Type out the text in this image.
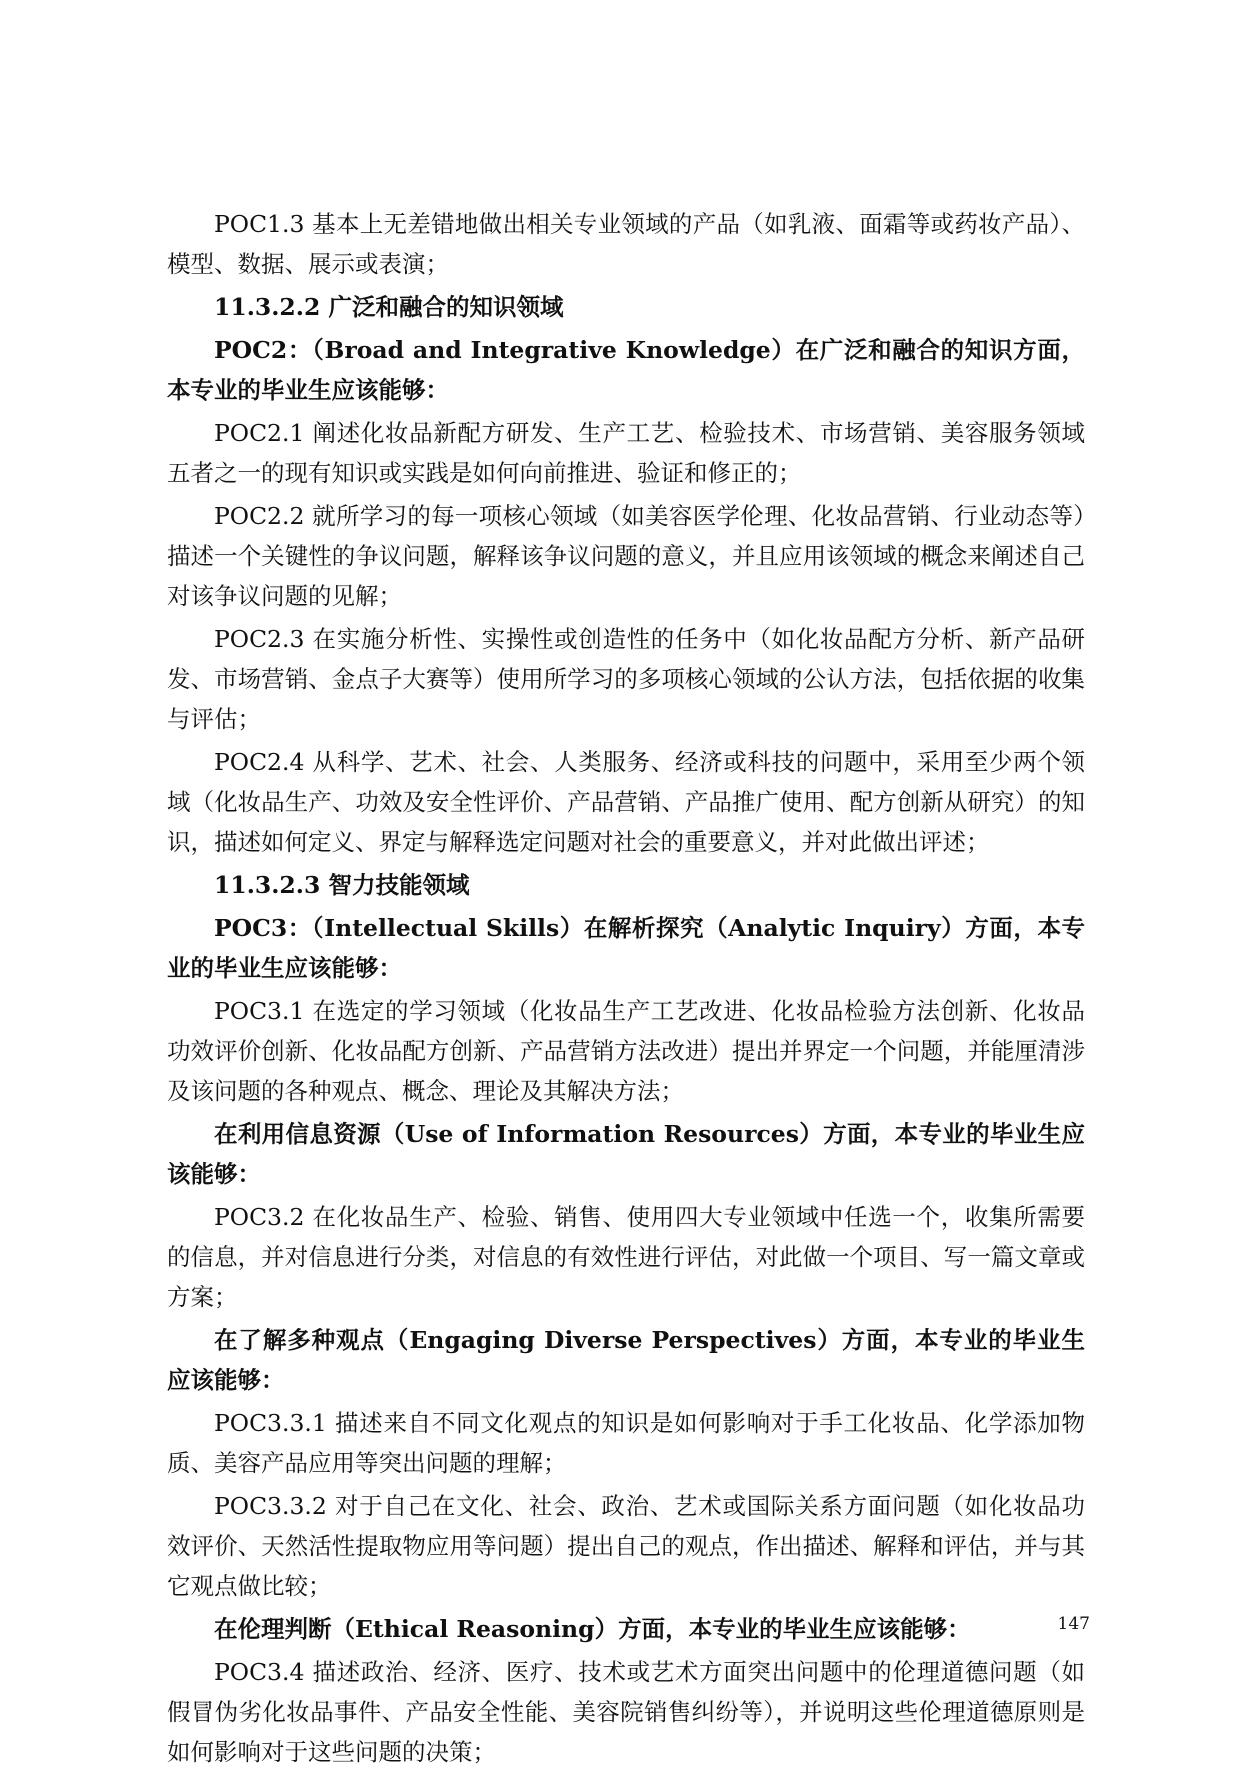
POC1.3 基本上无差错地做出相关专业领域的产品（如乳液、面霜等或药妆产品）、模型、数据、展示或表演；

11.3.2.2 广泛和融合的知识领域

POC2：（Broad and Integrative Knowledge）在广泛和融合的知识方面，本专业的毕业生应该能够：

POC2.1 阐述化妆品新配方研发、生产工艺、检验技术、市场营销、美容服务领域五者之一的现有知识或实践是如何向前推进、验证和修正的；

POC2.2 就所学习的每一项核心领域（如美容医学伦理、化妆品营销、行业动态等）描述一个关键性的争议问题，解释该争议问题的意义，并且应用该领域的概念来阐述自己对该争议问题的见解；

POC2.3 在实施分析性、实操性或创造性的任务中（如化妆品配方分析、新产品研发、市场营销、金点子大赛等）使用所学习的多项核心领域的公认方法，包括依据的收集与评估；

POC2.4 从科学、艺术、社会、人类服务、经济或科技的问题中，采用至少两个领域（化妆品生产、功效及安全性评价、产品营销、产品推广使用、配方创新从研究）的知识，描述如何定义、界定与解释选定问题对社会的重要意义，并对此做出评述；

11.3.2.3 智力技能领域

POC3：（Intellectual Skills）在解析探究（Analytic Inquiry）方面，本专业的毕业生应该能够：

POC3.1 在选定的学习领域（化妆品生产工艺改进、化妆品检验方法创新、化妆品功效评价创新、化妆品配方创新、产品营销方法改进）提出并界定一个问题，并能厘清涉及该问题的各种观点、概念、理论及其解决方法；

在利用信息资源（Use of Information Resources）方面，本专业的毕业生应该能够：

POC3.2 在化妆品生产、检验、销售、使用四大专业领域中任选一个，收集所需要的信息，并对信息进行分类，对信息的有效性进行评估，对此做一个项目、写一篇文章或方案；

在了解多种观点（Engaging Diverse Perspectives）方面，本专业的毕业生应该能够：

POC3.3.1 描述来自不同文化观点的知识是如何影响对于手工化妆品、化学添加物质、美容产品应用等突出问题的理解；

POC3.3.2 对于自己在文化、社会、政治、艺术或国际关系方面问题（如化妆品功效评价、天然活性提取物应用等问题）提出自己的观点，作出描述、解释和评估，并与其它观点做比较；

在伦理判断（Ethical Reasoning）方面，本专业的毕业生应该能够：

POC3.4 描述政治、经济、医疗、技术或艺术方面突出问题中的伦理道德问题（如假冒伪劣化妆品事件、产品安全性能、美容院销售纠纷等），并说明这些伦理道德原则是如何影响对于这些问题的决策；

147
